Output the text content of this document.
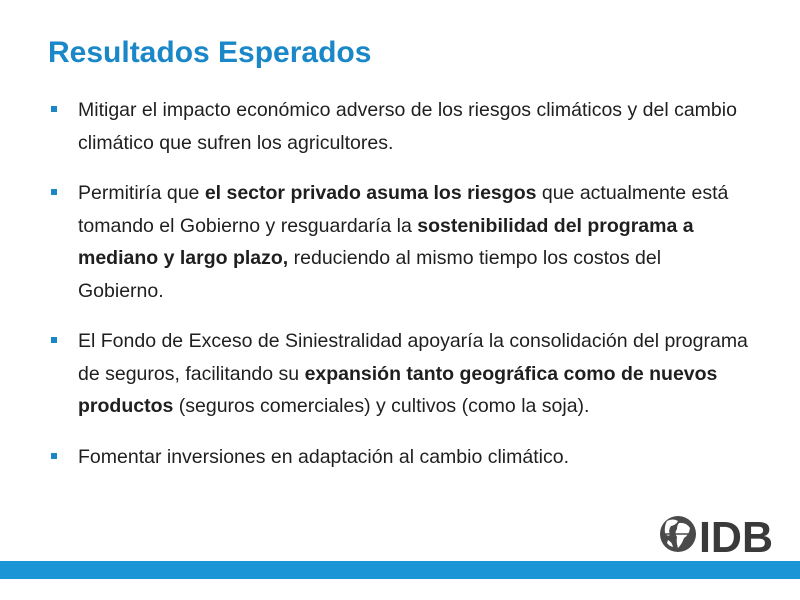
Resultados Esperados
Mitigar el impacto económico adverso de los riesgos climáticos y del cambio climático que sufren los agricultores.
Permitiría que el sector privado asuma los riesgos que actualmente está tomando el Gobierno y resguardaría la sostenibilidad del programa a mediano y largo plazo, reduciendo al mismo tiempo los costos del Gobierno.
El Fondo de Exceso de Siniestralidad apoyaría la consolidación del programa de seguros, facilitando su expansión tanto geográfica como de nuevos productos (seguros comerciales) y cultivos (como la soja).
Fomentar inversiones en adaptación al cambio climático.
IDB
